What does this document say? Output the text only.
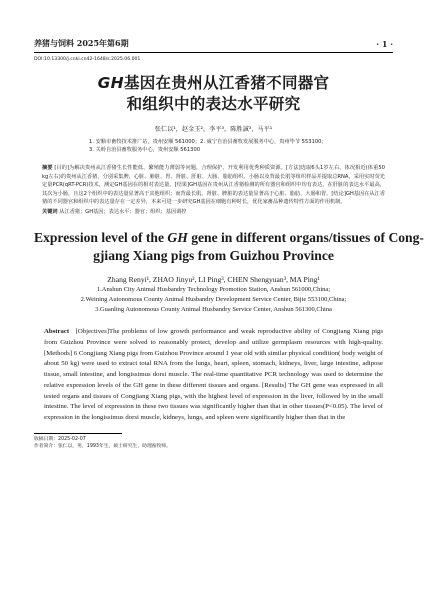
养猪与饲料 2025年第6期	· 1 ·
DOI:10.13300/j.cnki.cn42-1648/s.2025.06.001
GH基因在贵州从江香猪不同器官
和组织中的表达水平研究
张仁以¹，赵金玉²，李平³，陈胜誠³，马平¹
1. 安顺市畜牧技术推广站，贵州安顺 561000；2. 威宁自治县畜牧发展服务中心，贵州毕节 553100；
3. 关岭自治县畜牧服务中心，贵州安顺 561300
摘要 [目的]为解决贵州从江香猪生长性能低、繁殖能力薄弱等问题，合理保护、开发利用优秀种质资源。[方法]选取6头1岁左右、体况相近(体重50 kg左右)的贵州从江香猪，分别采集脾、心脏、肺脏、胃、肾脏、肝脏、大肠、脂肪组织、小肠以及背最长肌等组织样品并提取总RNA，采用实时荧光定量PCR(qRT-PCR)技术，测定GH基因在的相对表达量。[结果]GH基因在贵州从江香猪检测的所有器官和组织中均有表达，在肝脏的表达水平最高，其次为小肠，且这2个组织中的表达量显著高于其他组织；而背最长肌、肾脏、脾脏的表达量显著高于心脏、脂肪、大肠和胃。[结论]GH基因在从江香猪的不同器官和组织中的表达量存在一定差异，本来可进一步研究GH基因在细胞有种时长，优化家畜品种遗传特性方面的作用机制。
关键词 从江香猪；GH基因；表达水平；器官；组织；基因调控
Expression level of the GH gene in different organs/tissues of Cong-
gjiang Xiang pigs from Guizhou Province
Zhang Renyi¹, ZHAO Jinyu², LI Ping³, CHEN Shengyuan³, MA Ping¹
1.Anshun City Animal Husbandry Technology Promotion Station, Anshun 561000,China;
2.Weining Autonomous County Animal Husbandry Development Service Center, Bijie 553100,China;
3.Guanling Autonomous County Animal Husbandry Service Center, Anshun 561300,China
Abstract [Objectives]The problems of low growth performance and weak reproductive ability of Congjiang Xiang pigs from Guizhou Province were solved to reasonably protect, develop and utilize germplasm resources with high-quality. [Methods] 6 Congjiang Xiang pigs from Guizhou Province around 1 year old with similar physical condition( body weight of about 50 kg) were used to extract total RNA from the lungs, heart, spleen, stomach, kidneys, liver, large intestine, adipose tissue, small intestine, and longissimus dorsi muscle. The real-time quantitative PCR technology was used to determine the relative expression levels of the GH gene in these different tissues and organs. [Results] The GH gene was expressed in all tested organs and tissues of Congjiang Xiang pigs, with the highest level of expression in the liver, followed by in the small intestine. The level of expression in these two tissues was significantly higher than that in other tissues(P<0.05). The level of expression in the longissimus dorsi muscle, kidneys, lungs, and spleen were significantly higher than that in the
收稿日期：2025-02-07
作者简介：张仁以，男，1993年生，硕士研究生，助理畜牧师。
